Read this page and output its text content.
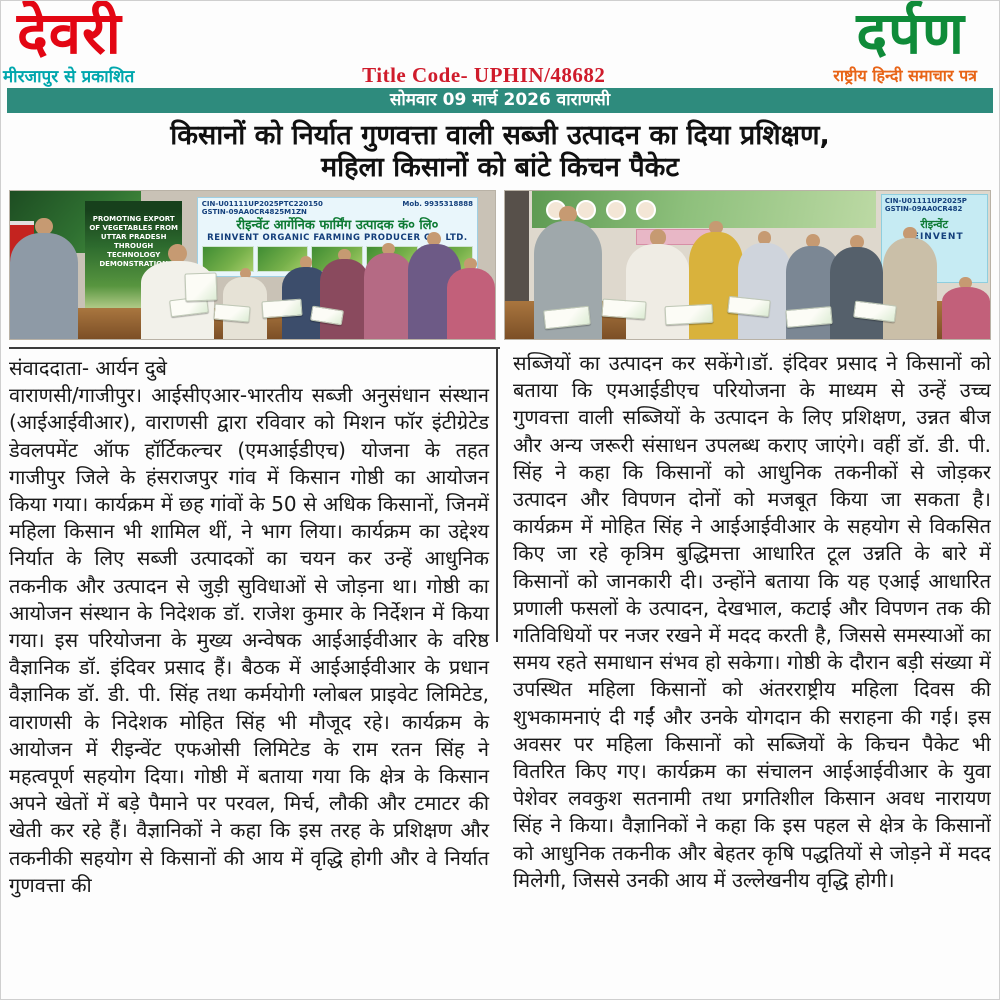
देवरी	दर्पण
मीरजापुर से प्रकाशित	Title Code- UPHIN/48682	राष्ट्रीय हिन्दी समाचार पत्र
सोमवार 09 मार्च 2026 वाराणसी
किसानों को निर्यात गुणवत्ता वाली सब्जी उत्पादन का दिया प्रशिक्षण,
महिला किसानों को बांटे किचन पैकेट
PROMOTING EXPORT OF VEGETABLES FROM UTTAR PRADESH THROUGH TECHNOLOGY DEMONSTRATION
CIN-U01111UP2025PTC220150	Mob. 9935318888
GSTIN-09AA0CR4825M1ZN
रीइन्वेंट आर्गेनिक फार्मिंग उत्पादक कं० लि०
REINVENT ORGANIC FARMING PRODUCER CO. LTD.
CIN-U01111UP2025P
GSTIN-09AA0CR482
रीइन्वेंट
REINVENT

संवाददाता- आर्यन दुबे

वाराणसी/गाजीपुर। आईसीएआर-भारतीय सब्जी अनुसंधान संस्थान (आईआईवीआर), वाराणसी द्वारा रविवार को मिशन फॉर इंटीग्रेटेड डेवलपमेंट ऑफ हॉर्टिकल्चर (एमआईडीएच) योजना के तहत गाजीपुर जिले के हंसराजपुर गांव में किसान गोष्ठी का आयोजन किया गया। कार्यक्रम में छह गांवों के 50 से अधिक किसानों, जिनमें महिला किसान भी शामिल थीं, ने भाग लिया। कार्यक्रम का उद्देश्य निर्यात के लिए सब्जी उत्पादकों का चयन कर उन्हें आधुनिक तकनीक और उत्पादन से जुड़ी सुविधाओं से जोड़ना था। गोष्ठी का आयोजन संस्थान के निदेशक डॉ. राजेश कुमार के निर्देशन में किया गया। इस परियोजना के मुख्य अन्वेषक आईआईवीआर के वरिष्ठ वैज्ञानिक डॉ. इंदिवर प्रसाद हैं। बैठक में आईआईवीआर के प्रधान वैज्ञानिक डॉ. डी. पी. सिंह तथा कर्मयोगी ग्लोबल प्राइवेट लिमिटेड, वाराणसी के निदेशक मोहित सिंह भी मौजूद रहे। कार्यक्रम के आयोजन में रीइन्वेंट एफओसी लिमिटेड के राम रतन सिंह ने महत्वपूर्ण सहयोग दिया। गोष्ठी में बताया गया कि क्षेत्र के किसान अपने खेतों में बड़े पैमाने पर परवल, मिर्च, लौकी और टमाटर की खेती कर रहे हैं। वैज्ञानिकों ने कहा कि इस तरह के प्रशिक्षण और तकनीकी सहयोग से किसानों की आय में वृद्धि होगी और वे निर्यात गुणवत्ता की

सब्जियों का उत्पादन कर सकेंगे।डॉ. इंदिवर प्रसाद ने किसानों को बताया कि एमआईडीएच परियोजना के माध्यम से उन्हें उच्च गुणवत्ता वाली सब्जियों के उत्पादन के लिए प्रशिक्षण, उन्नत बीज और अन्य जरूरी संसाधन उपलब्ध कराए जाएंगे। वहीं डॉ. डी. पी. सिंह ने कहा कि किसानों को आधुनिक तकनीकों से जोड़कर उत्पादन और विपणन दोनों को मजबूत किया जा सकता है। कार्यक्रम में मोहित सिंह ने आईआईवीआर के सहयोग से विकसित किए जा रहे कृत्रिम बुद्धिमत्ता आधारित टूल उन्नति के बारे में किसानों को जानकारी दी। उन्होंने बताया कि यह एआई आधारित प्रणाली फसलों के उत्पादन, देखभाल, कटाई और विपणन तक की गतिविधियों पर नजर रखने में मदद करती है, जिससे समस्याओं का समय रहते समाधान संभव हो सकेगा। गोष्ठी के दौरान बड़ी संख्या में उपस्थित महिला किसानों को अंतरराष्ट्रीय महिला दिवस की शुभकामनाएं दी गईं और उनके योगदान की सराहना की गई। इस अवसर पर महिला किसानों को सब्जियों के किचन पैकेट भी वितरित किए गए। कार्यक्रम का संचालन आईआईवीआर के युवा पेशेवर लवकुश सतनामी तथा प्रगतिशील किसान अवध नारायण सिंह ने किया। वैज्ञानिकों ने कहा कि इस पहल से क्षेत्र के किसानों को आधुनिक तकनीक और बेहतर कृषि पद्धतियों से जोड़ने में मदद मिलेगी, जिससे उनकी आय में उल्लेखनीय वृद्धि होगी।
